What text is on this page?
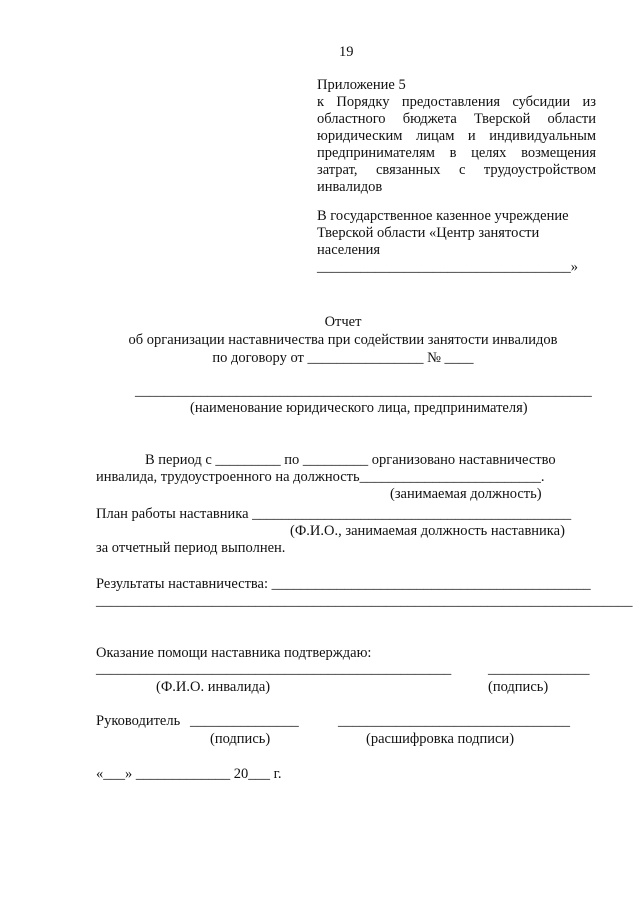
19
Приложение 5
к Порядку предоставления субсидии из
областного бюджета Тверской области
юридическим лицам и индивидуальным
предпринимателям в целях возмещения
затрат, связанных с трудоустройством
инвалидов
В государственное казенное учреждение
Тверской области «Центр занятости
населения
___________________________________»
Отчет
об организации наставничества при содействии занятости инвалидов
по договору от ________________ № ____
_______________________________________________________________
(наименование юридического лица, предпринимателя)
В период с _________ по _________ организовано наставничество
инвалида, трудоустроенного на должность_________________________.
(занимаемая должность)
План работы наставника ____________________________________________
(Ф.И.О., занимаемая должность наставника)
за отчетный период выполнен.
Результаты наставничества: ____________________________________________
__________________________________________________________________________
Оказание помощи наставника подтверждаю:
_________________________________________________	______________
(Ф.И.О. инвалида)	(подпись)
Руководитель _______________	________________________________
(подпись)	(расшифровка подписи)
«___» _____________ 20___ г.
